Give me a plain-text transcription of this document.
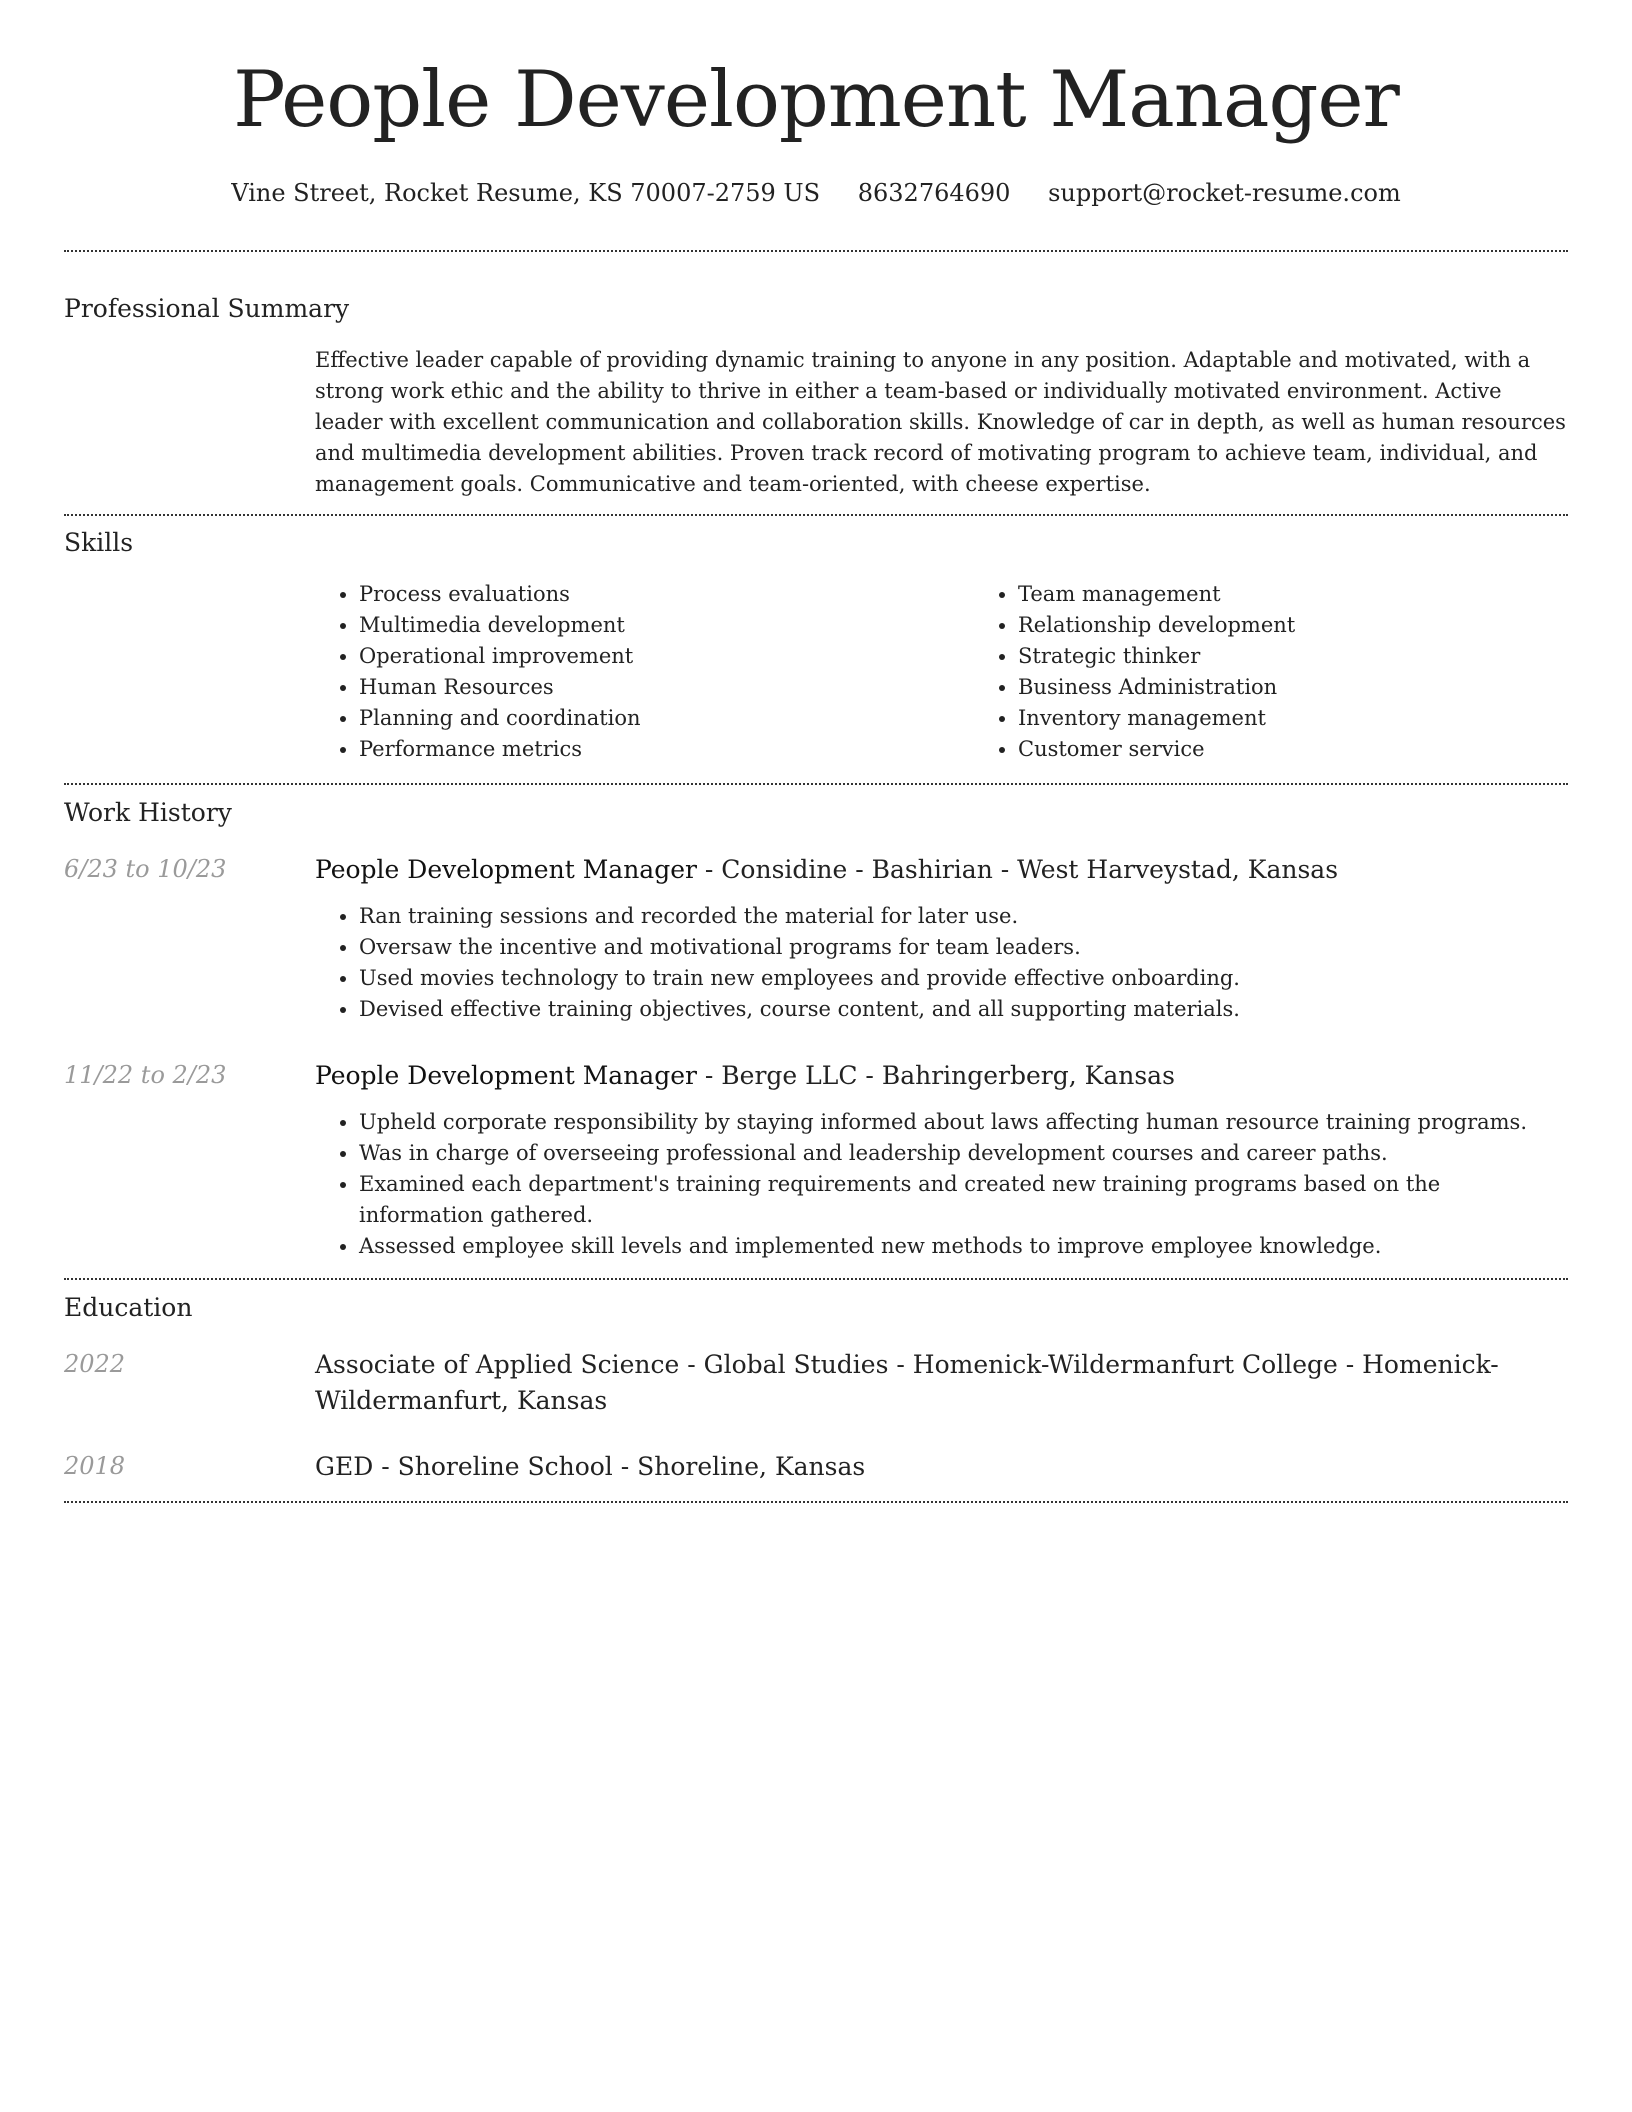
People Development Manager
Vine Street, Rocket Resume, KS 70007-2759 US 8632764690 support@rocket-resume.com
Professional Summary

Effective leader capable of providing dynamic training to anyone in any position. Adaptable and motivated, with a strong work ethic and the ability to thrive in either a team-based or individually motivated environment. Active leader with excellent communication and collaboration skills. Knowledge of car in depth, as well as human resources and multimedia development abilities. Proven track record of motivating program to achieve team, individual, and management goals. Communicative and team-oriented, with cheese expertise.

Skills
• Process evaluations
• Multimedia development
• Operational improvement
• Human Resources
• Planning and coordination
• Performance metrics
• Team management
• Relationship development
• Strategic thinker
• Business Administration
• Inventory management
• Customer service
Work History
6/23 to 10/23	People Development Manager - Considine - Bashirian - West Harveystad, Kansas

• Ran training sessions and recorded the material for later use.
• Oversaw the incentive and motivational programs for team leaders.
• Used movies technology to train new employees and provide effective onboarding.
• Devised effective training objectives, course content, and all supporting materials.
11/22 to 2/23	People Development Manager - Berge LLC - Bahringerberg, Kansas

• Upheld corporate responsibility by staying informed about laws affecting human resource training programs.
• Was in charge of overseeing professional and leadership development courses and career paths.
• Examined each department's training requirements and created new training programs based on the information gathered.
• Assessed employee skill levels and implemented new methods to improve employee knowledge.
Education
2022	Associate of Applied Science - Global Studies - Homenick-Wildermanfurt College - Homenick-Wildermanfurt, Kansas

2018	GED - Shoreline School - Shoreline, Kansas
